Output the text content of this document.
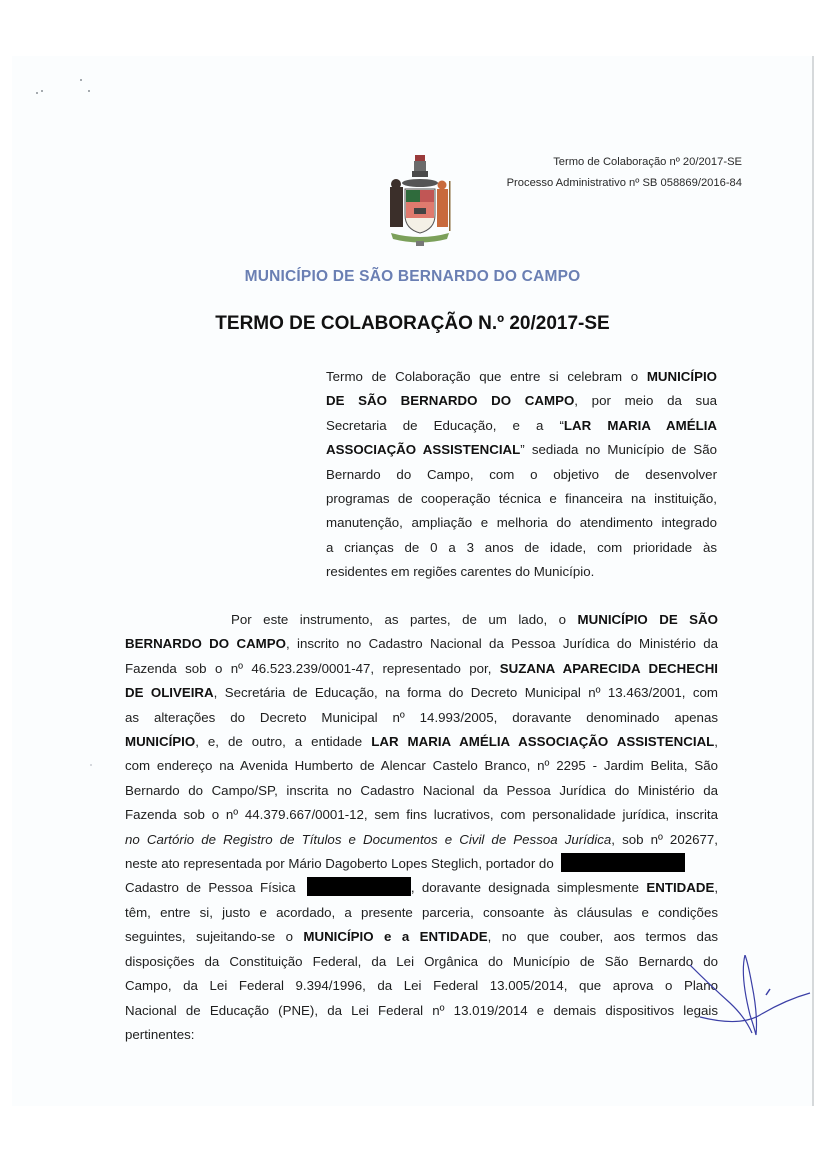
Termo de Colaboração nº 20/2017-SE
Processo Administrativo nº SB 058869/2016-84
MUNICÍPIO DE SÃO BERNARDO DO CAMPO
TERMO DE COLABORAÇÃO N.º 20/2017-SE
Termo de Colaboração que entre si celebram o MUNICÍPIO
DE SÃO BERNARDO DO CAMPO, por meio da sua
Secretaria de Educação, e a “LAR MARIA AMÉLIA
ASSOCIAÇÃO ASSISTENCIAL” sediada no Município de São
Bernardo do Campo, com o objetivo de desenvolver
programas de cooperação técnica e financeira na instituição,
manutenção, ampliação e melhoria do atendimento integrado
a crianças de 0 a 3 anos de idade, com prioridade às
residentes em regiões carentes do Município.
Por este instrumento, as partes, de um lado, o MUNICÍPIO DE SÃO
BERNARDO DO CAMPO, inscrito no Cadastro Nacional da Pessoa Jurídica do Ministério da
Fazenda sob o nº 46.523.239/0001-47, representado por, SUZANA APARECIDA DECHECHI
DE OLIVEIRA, Secretária de Educação, na forma do Decreto Municipal nº 13.463/2001, com
as alterações do Decreto Municipal nº 14.993/2005, doravante denominado apenas
MUNICÍPIO, e, de outro, a entidade LAR MARIA AMÉLIA ASSOCIAÇÃO ASSISTENCIAL,
com endereço na Avenida Humberto de Alencar Castelo Branco, nº 2295 - Jardim Belita, São
Bernardo do Campo/SP, inscrita no Cadastro Nacional da Pessoa Jurídica do Ministério da
Fazenda sob o nº 44.379.667/0001-12, sem fins lucrativos, com personalidade jurídica, inscrita
no Cartório de Registro de Títulos e Documentos e Civil de Pessoa Jurídica, sob nº 202677,
neste ato representada por Mário Dagoberto Lopes Steglich, portador do
Cadastro de Pessoa Física	, doravante designada simplesmente ENTIDADE,
têm, entre si, justo e acordado, a presente parceria, consoante às cláusulas e condições
seguintes, sujeitando-se o MUNICÍPIO e a ENTIDADE, no que couber, aos termos das
disposições da Constituição Federal, da Lei Orgânica do Município de São Bernardo do
Campo, da Lei Federal 9.394/1996, da Lei Federal 13.005/2014, que aprova o Plano
Nacional de Educação (PNE), da Lei Federal nº 13.019/2014 e demais dispositivos legais
pertinentes:
